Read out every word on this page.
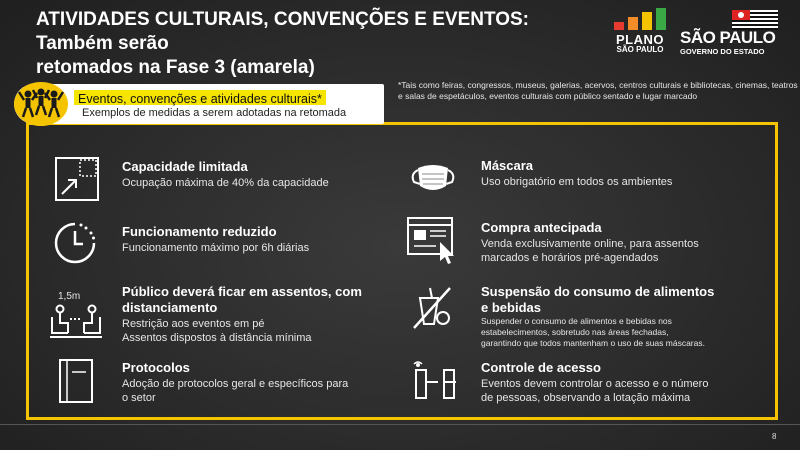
ATIVIDADES CULTURAIS, CONVENÇÕES E EVENTOS: Também serão
retomados na Fase 3 (amarela)
PLANO
SÃO PAULO
SÃO PAULO
GOVERNO DO ESTADO
*Tais como feiras, congressos, museus, galerias, acervos, centros culturais e bibliotecas, cinemas, teatros e salas de espetáculos, eventos culturais com público sentado e lugar marcado
Eventos, convenções e atividades culturais*
Exemplos de medidas a serem adotadas na retomada
Capacidade limitada
Ocupação máxima de 40% da capacidade
Funcionamento reduzido
Funcionamento máximo por 6h diárias
1,5m	Público deverá ficar em assentos, com
distanciamento
Restrição aos eventos em pé
Assentos dispostos à distância mínima
Protocolos
Adoção de protocolos geral e específicos para
o setor
Máscara
Uso obrigatório em todos os ambientes
Compra antecipada
Venda exclusivamente online, para assentos
marcados e horários pré-agendados
Suspensão do consumo de alimentos
e bebidas
Suspender o consumo de alimentos e bebidas nos
estabelecimentos, sobretudo nas áreas fechadas,
garantindo que todos mantenham o uso de suas máscaras.
Controle de acesso
Eventos devem controlar o acesso e o número
de pessoas, observando a lotação máxima
8
